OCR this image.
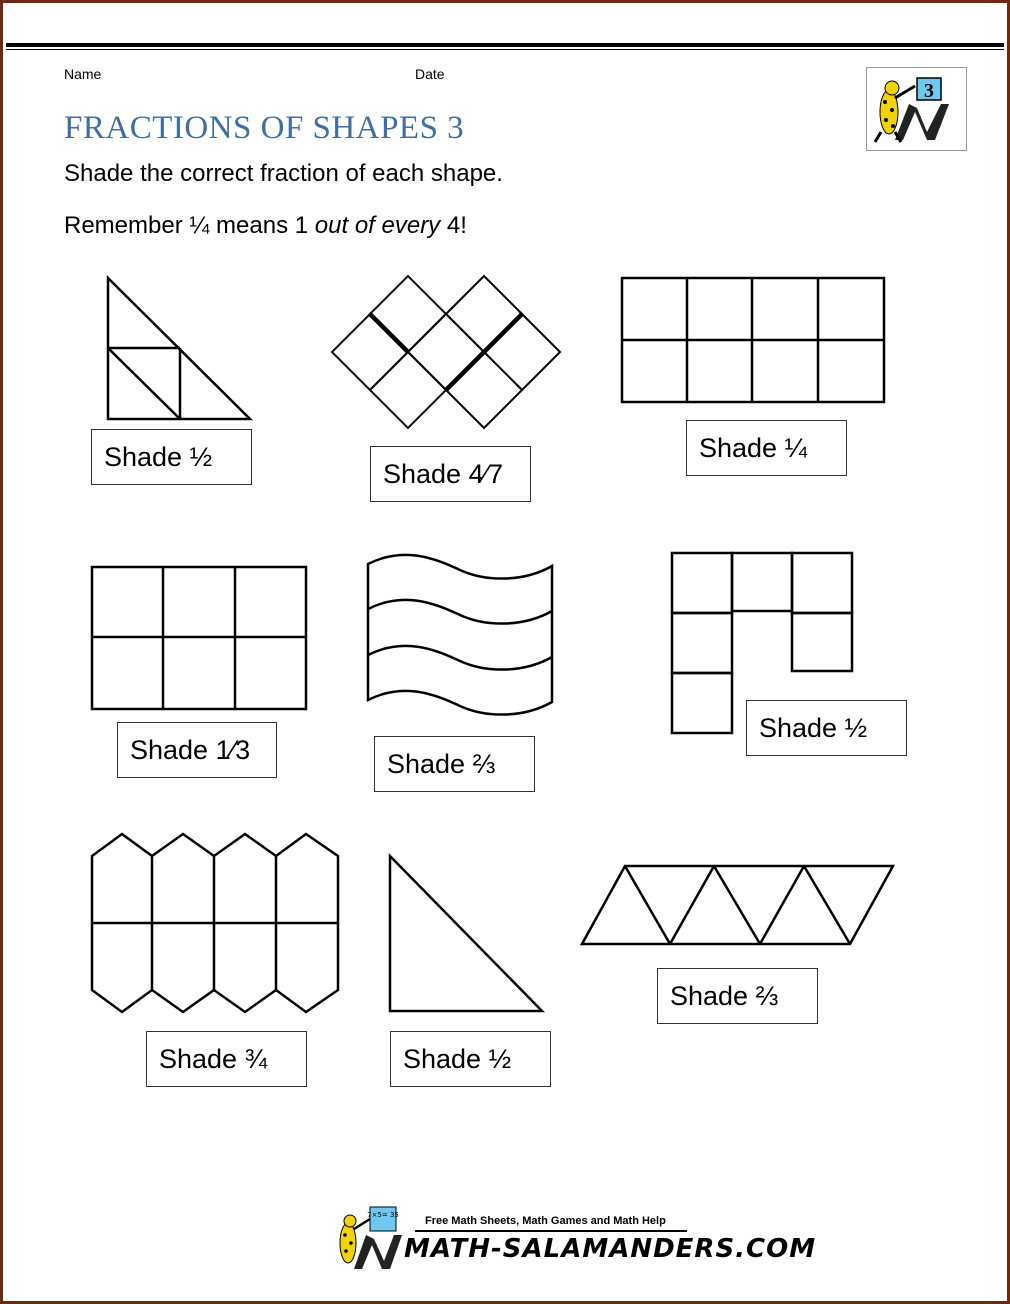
Name	Date
FRACTIONS OF SHAPES 3
Shade the correct fraction of each shape.
Remember ¼ means 1 out of every 4!
3
Shade ½
Shade 4⁄7
Shade ¼
Shade 1⁄3	Shade ⅔
Shade ½
Shade ¾	Shade ½
Shade ⅔
7×5= 35 Free Math Sheets, Math Games and Math Help
MATH-SALAMANDERS.COM
